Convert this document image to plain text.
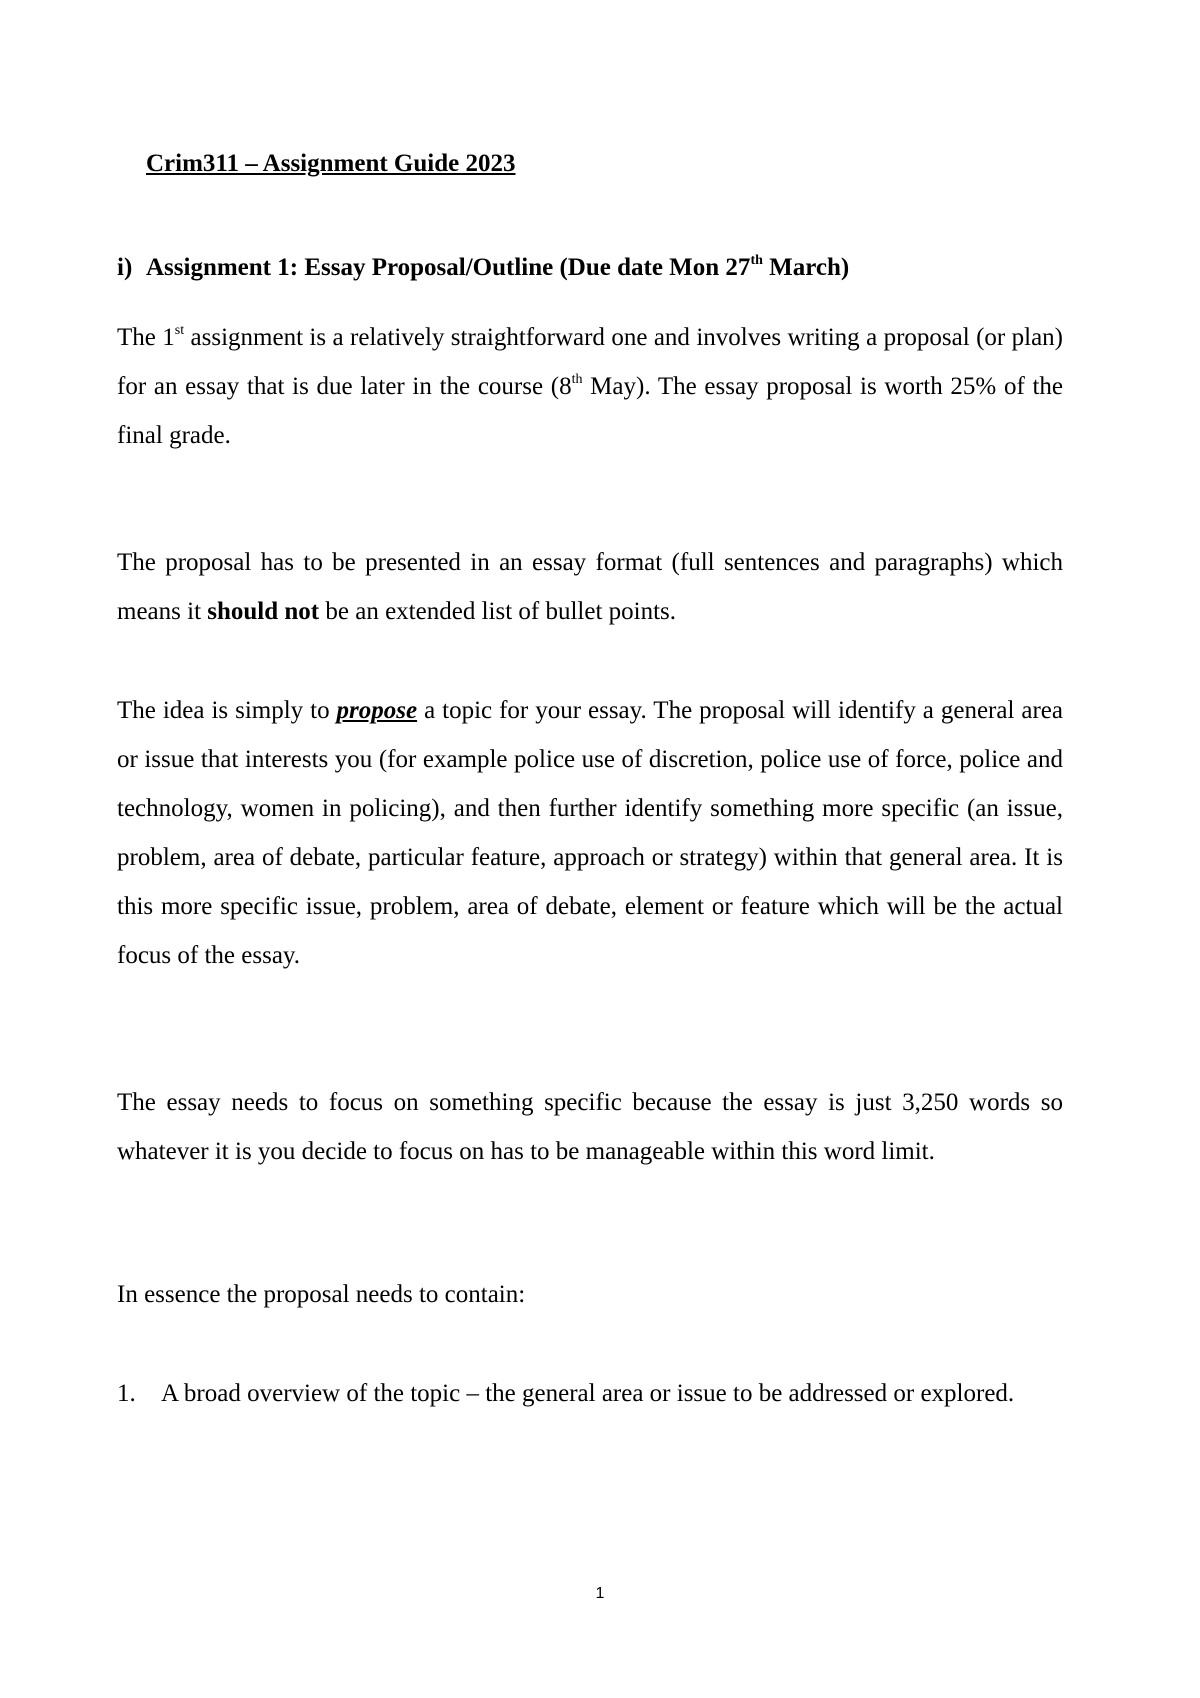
Crim311 – Assignment Guide 2023
i) Assignment 1: Essay Proposal/Outline (Due date Mon 27th March)
The 1st assignment is a relatively straightforward one and involves writing a proposal (or plan) for an essay that is due later in the course (8th May). The essay proposal is worth 25% of the final grade.
The proposal has to be presented in an essay format (full sentences and paragraphs) which means it should not be an extended list of bullet points.
The idea is simply to propose a topic for your essay. The proposal will identify a general area or issue that interests you (for example police use of discretion, police use of force, police and technology, women in policing), and then further identify something more specific (an issue, problem, area of debate, particular feature, approach or strategy) within that general area. It is this more specific issue, problem, area of debate, element or feature which will be the actual focus of the essay.
The essay needs to focus on something specific because the essay is just 3,250 words so whatever it is you decide to focus on has to be manageable within this word limit.
In essence the proposal needs to contain:
1. A broad overview of the topic – the general area or issue to be addressed or explored.
1
